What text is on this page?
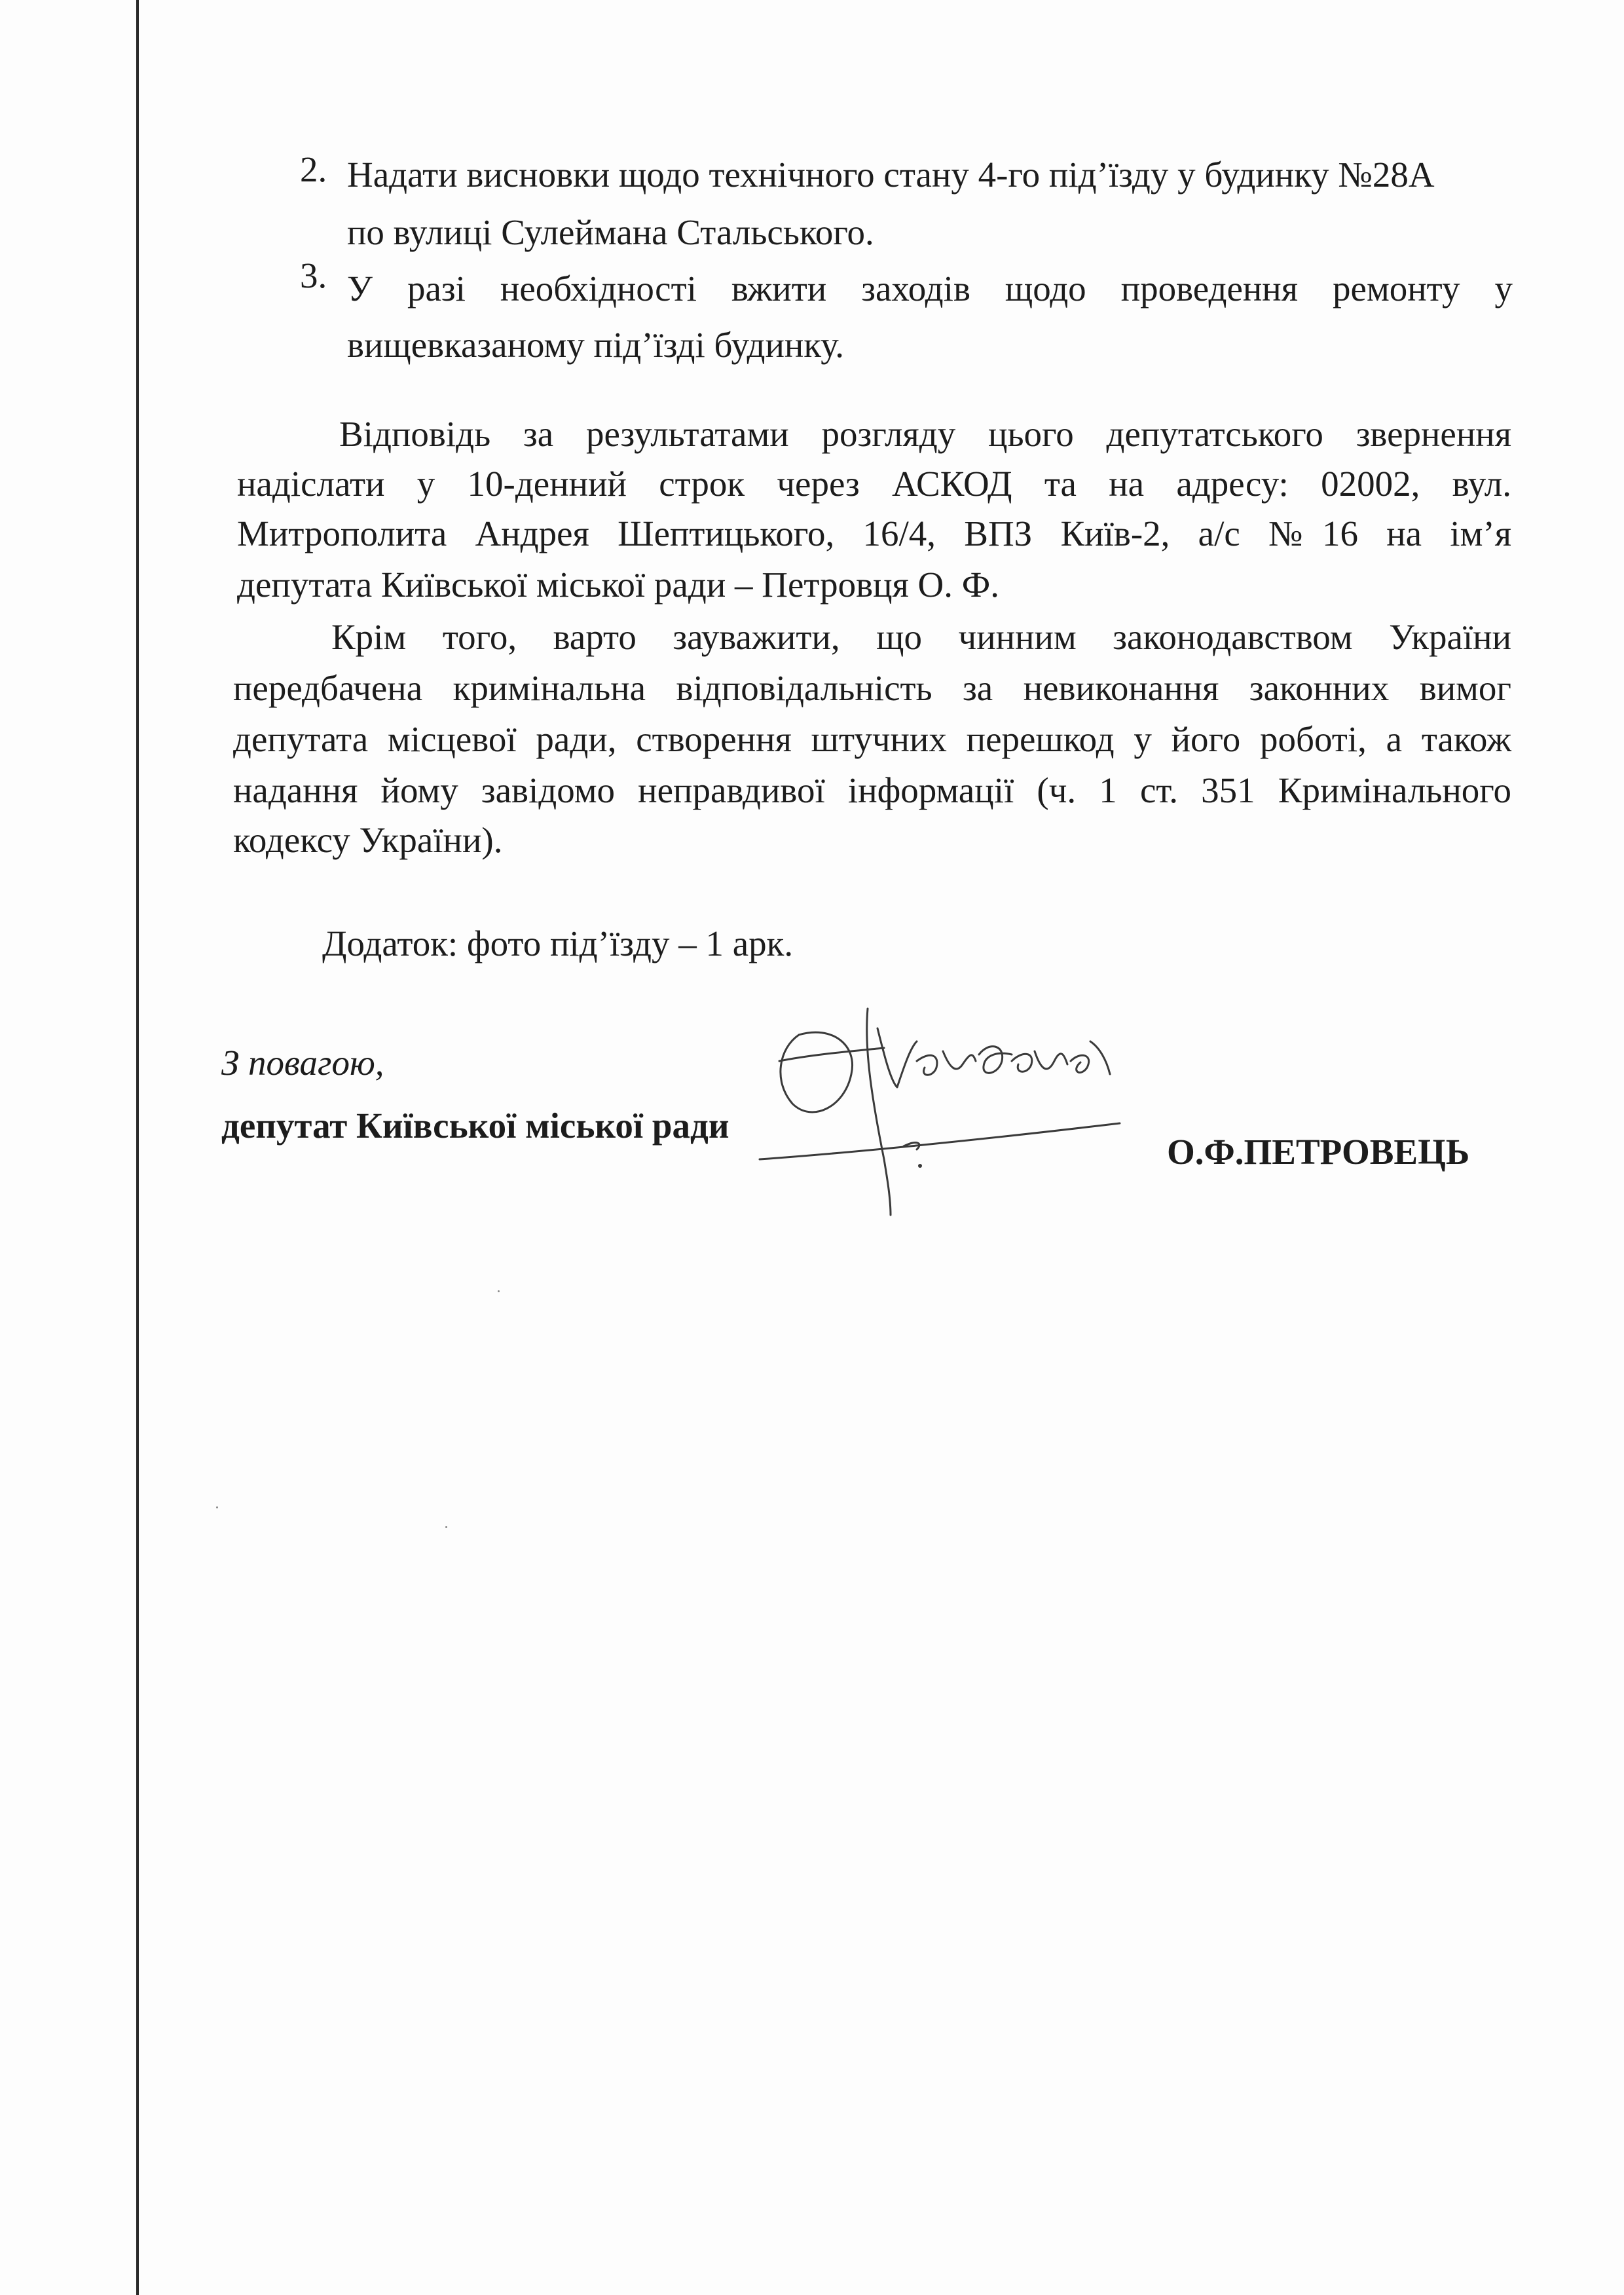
2. Надати висновки щодо технічного стану 4-го під’їзду у будинку №28А
по вулиці Сулеймана Стальського.
3. У разі необхідності вжити заходів щодо проведення ремонту у
вищевказаному під’їзді будинку.
Відповідь за результатами розгляду цього депутатського звернення
надіслати у 10-денний строк через АСКОД та на адресу: 02002, вул.
Митрополита Андрея Шептицького, 16/4, ВПЗ Київ-2, а/с №16 на ім’я
депутата Київської міської ради – Петровця О. Ф.
Крім того, варто зауважити, що чинним законодавством України
передбачена кримінальна відповідальність за невиконання законних вимог
депутата місцевої ради, створення штучних перешкод у його роботі, а також
надання йому завідомо неправдивої інформації (ч. 1 ст. 351 Кримінального
кодексу України).
Додаток: фото під’їзду – 1 арк.
З повагою,
депутат Київської міської ради
О.Ф.ПЕТРОВЕЦЬ
